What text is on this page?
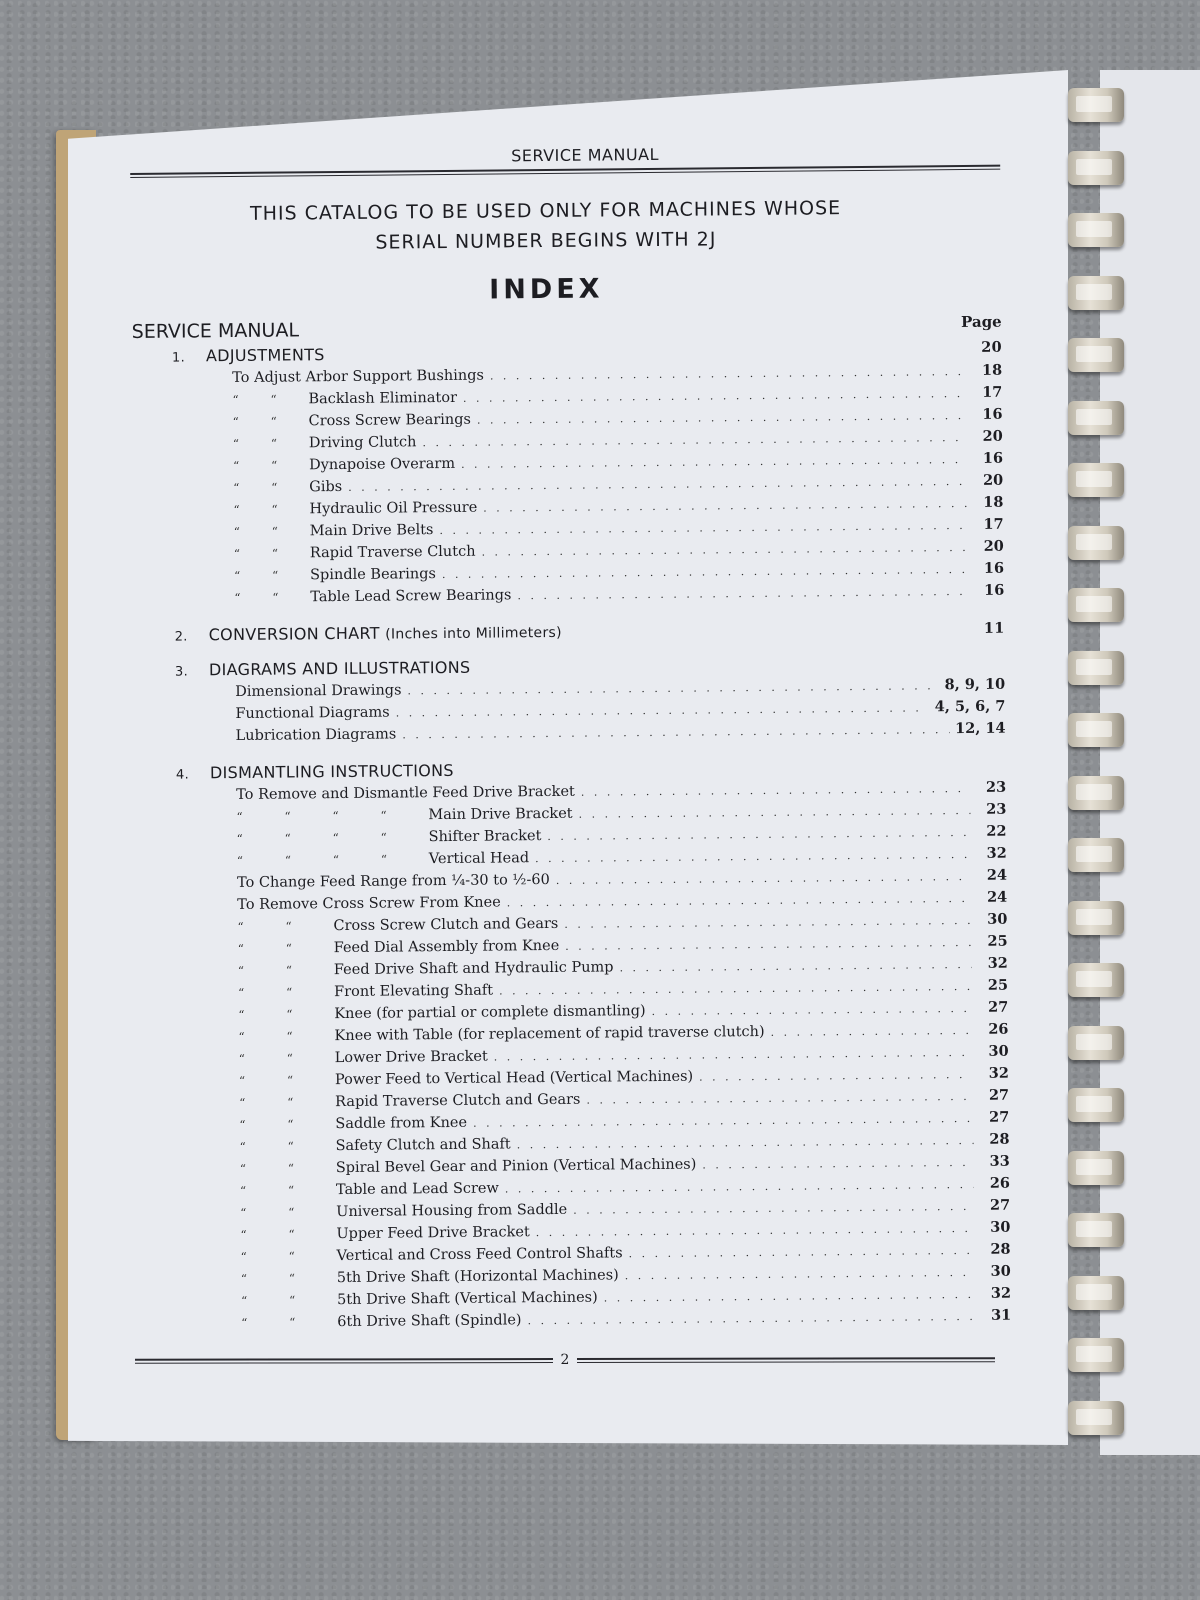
SERVICE MANUAL
THIS CATALOG TO BE USED ONLY FOR MACHINES WHOSE
SERIAL NUMBER BEGINS WITH 2J
INDEX
SERVICE MANUAL	Page
1. ADJUSTMENTS	20
To Adjust Arbor Support Bushings . . .	18
“	“	Backlash Eliminator . . .	17
“	“	Cross Screw Bearings . . .	16
“	“	Driving Clutch . . .	20
“	“	Dynapoise Overarm . . .	16
“	“	Gibs . . .	20
“	“	Hydraulic Oil Pressure . . .	18
“	“	Main Drive Belts . . .	17
“	“	Rapid Traverse Clutch . . .	20
“	“	Spindle Bearings . . .	16
“	“	Table Lead Screw Bearings . . .	16
2. CONVERSION CHART (Inches into Millimeters)	11
3. DIAGRAMS AND ILLUSTRATIONS
Dimensional Drawings . . .	8, 9, 10
Functional Diagrams . . .	4, 5, 6, 7
Lubrication Diagrams . . .	12, 14
4. DISMANTLING INSTRUCTIONS
To Remove and Dismantle Feed Drive Bracket . . .	23
“	“	“	“	Main Drive Bracket . . .	23
“	“	“	“	Shifter Bracket . . .	22
“	“	“	“	Vertical Head . . .	32
To Change Feed Range from ¼-30 to ½-60 . . .	24
To Remove Cross Screw From Knee . . .	24
“	“	Cross Screw Clutch and Gears . . .	30
“	“	Feed Dial Assembly from Knee . . .	25
“	“	Feed Drive Shaft and Hydraulic Pump . . .	32
“	“	Front Elevating Shaft . . .	25
“	“	Knee (for partial or complete dismantling) . . .	27
“	“	Knee with Table (for replacement of rapid traverse clutch) . . .	26
“	“	Lower Drive Bracket . . .	30
“	“	Power Feed to Vertical Head (Vertical Machines) . . .	32
“	“	Rapid Traverse Clutch and Gears . . .	27
“	“	Saddle from Knee . . .	27
“	“	Safety Clutch and Shaft . . .	28
“	“	Spiral Bevel Gear and Pinion (Vertical Machines) . . .	33
“	“	Table and Lead Screw . . .	26
“	“	Universal Housing from Saddle . . .	27
“	“	Upper Feed Drive Bracket . . .	30
“	“	Vertical and Cross Feed Control Shafts . . .	28
“	“	5th Drive Shaft (Horizontal Machines) . . .	30
“	“	5th Drive Shaft (Vertical Machines) . . .	32
“	“	6th Drive Shaft (Spindle) . . .	31
2
